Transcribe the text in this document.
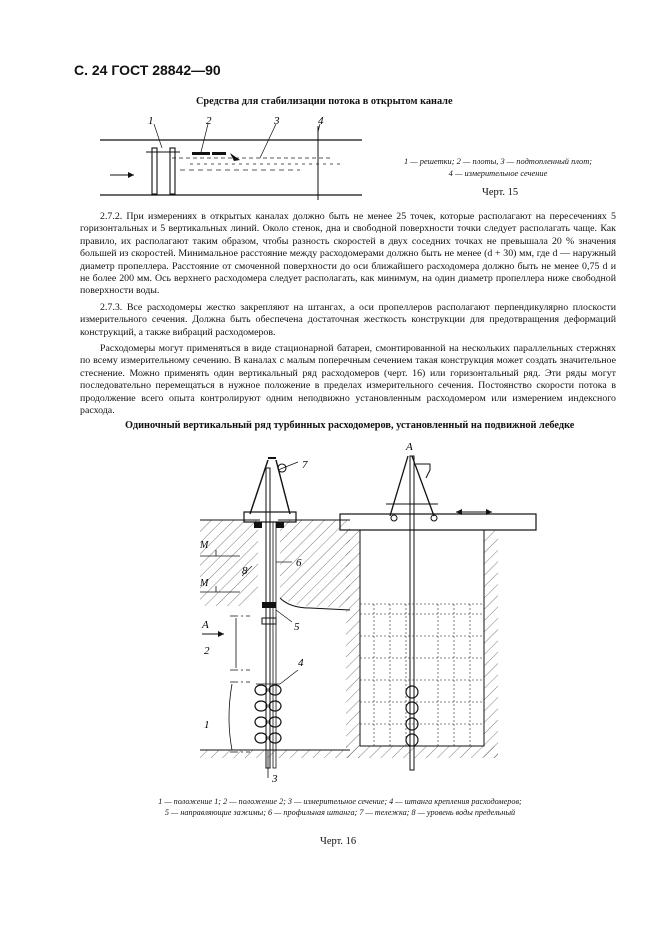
С. 24 ГОСТ 28842—90
Средства для стабилизации потока в открытом канале
1	2	3	4
1 — решетки; 2 — плоты, 3 — подтопленный плот;
4 — измерительное сечение
Черт. 15

2.7.2. При измерениях в открытых каналах должно быть не менее 25 точек, которые располагают на пересечениях 5 горизонтальных и 5 вертикальных линий. Около стенок, дна и свободной поверхности точки следует располагать чаще. Как правило, их располагают таким образом, чтобы разность скоростей в двух соседних точках не превышала 20 % значения большей из скоростей. Минимальное расстояние между расходомерами должно быть не менее (d + 30) мм, где d — наружный диаметр пропеллера. Расстояние от смоченной поверхности до оси ближайшего расходомера должно быть не менее 0,75 d и не более 200 мм. Ось верхнего расходомера следует располагать, как минимум, на один диаметр пропеллера ниже свободной поверхности воды.

2.7.3. Все расходомеры жестко закрепляют на штангах, а оси пропеллеров располагают перпендикулярно плоскости измерительного сечения. Должна быть обеспечена достаточная жесткость конструкции для предотвращения деформаций конструкций, а также вибраций расходомеров.

Расходомеры могут применяться в виде стационарной батареи, смонтированной на нескольких параллельных стержнях по всему измерительному сечению. В каналах с малым поперечным сечением такая конструкция может создать значительное стеснение. Можно применять один вертикальный ряд расходомеров (черт. 16) или горизонтальный ряд. Эти ряды могут последовательно перемещаться в нужное положение в пределах измерительного сечения. Постоянство скорости потока в продолжение всего опыта контролируют одним неподвижно установленным расходомером или измерением индексного расхода.

Одиночный вертикальный ряд турбинных расходомеров, установленный на подвижной лебедке
7
6
8
5
4
2
1
3
М
М
А
А
1 — положение 1; 2 — положение 2; 3 — измерительное сечение; 4 — штанга крепления расходомеров;
5 — направляющие зажимы; 6 — профильная штанга; 7 — тележка; 8 — уровень воды предельный
Черт. 16
